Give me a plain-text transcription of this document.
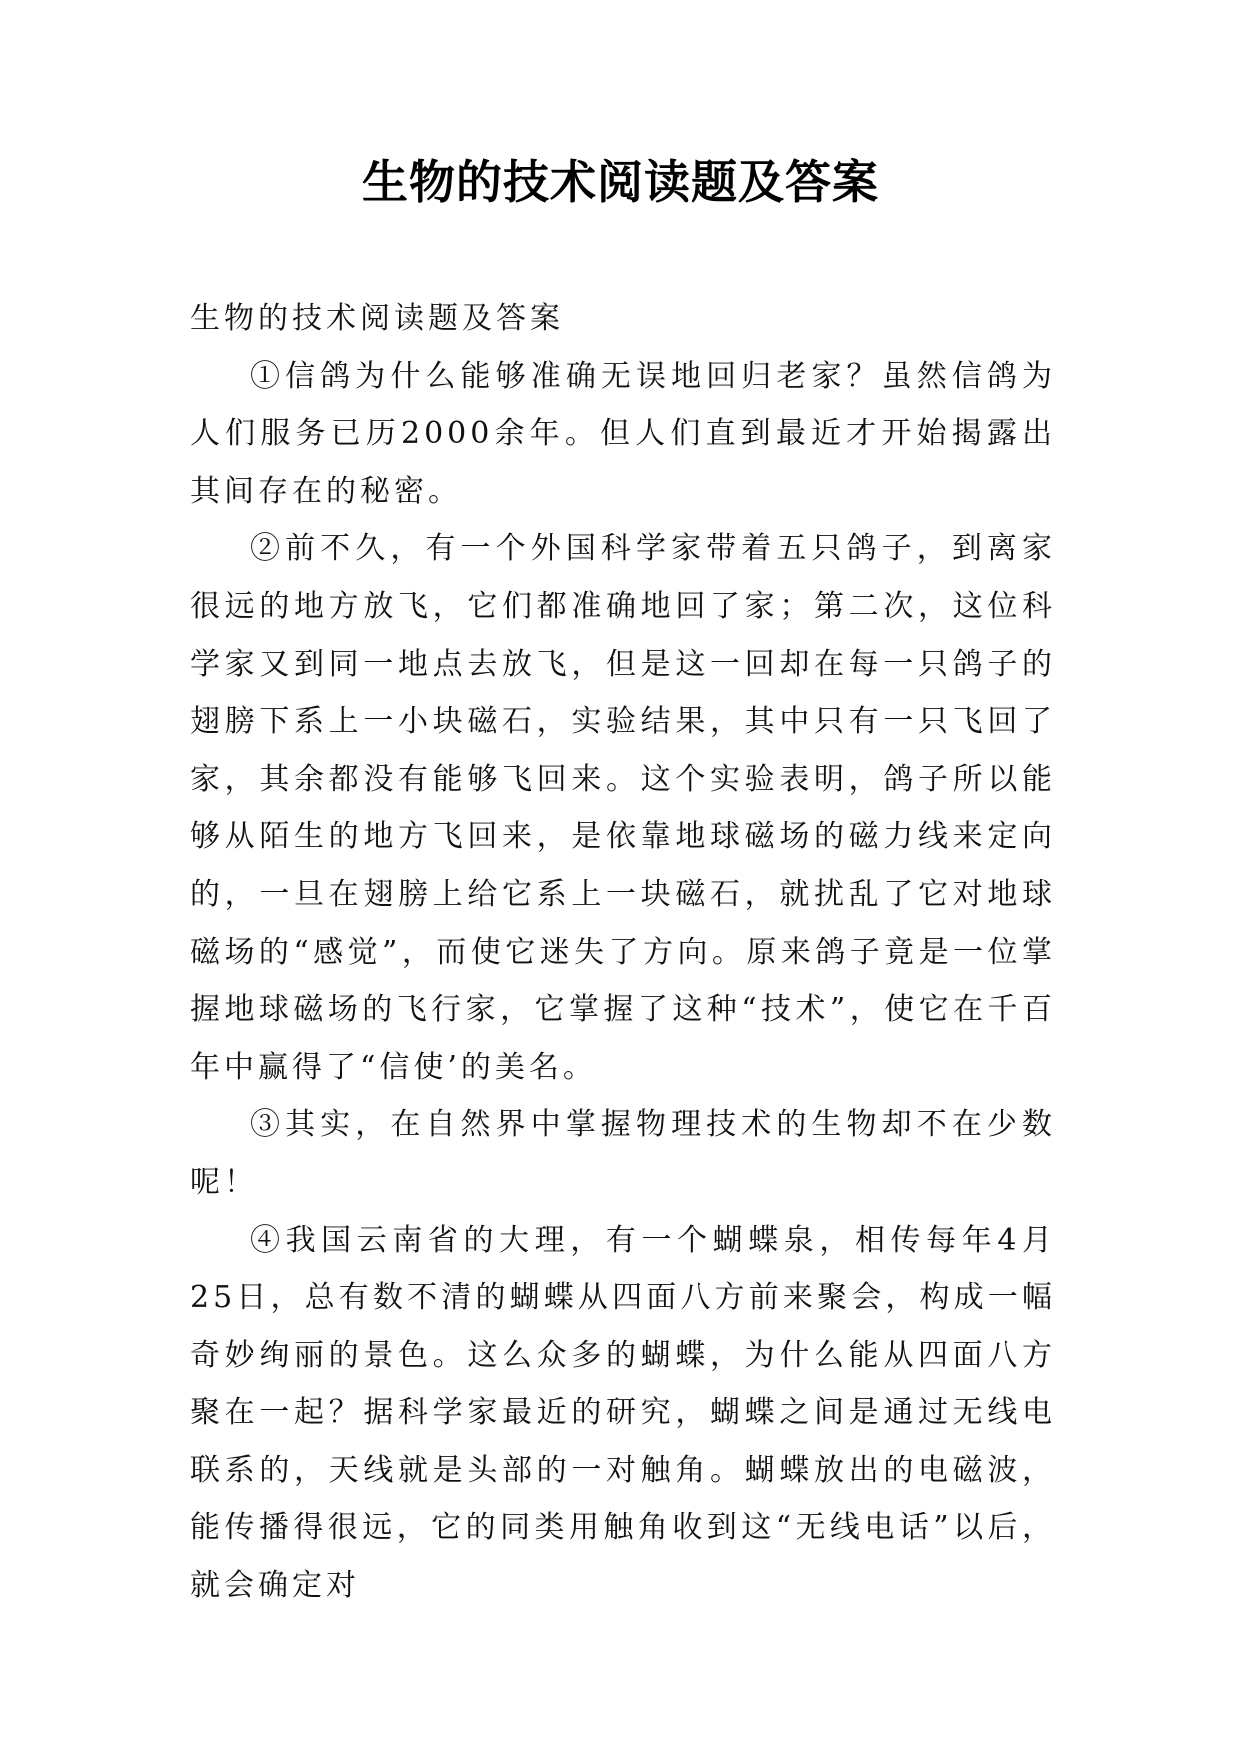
生物的技术阅读题及答案

生物的技术阅读题及答案

①信鸽为什么能够准确无误地回归老家？虽然信鸽为人们服务已历2000余年。但人们直到最近才开始揭露出其间存在的秘密。

②前不久，有一个外国科学家带着五只鸽子，到离家很远的地方放飞，它们都准确地回了家；第二次，这位科学家又到同一地点去放飞，但是这一回却在每一只鸽子的翅膀下系上一小块磁石，实验结果，其中只有一只飞回了家，其余都没有能够飞回来。这个实验表明，鸽子所以能够从陌生的地方飞回来，是依靠地球磁场的磁力线来定向的，一旦在翅膀上给它系上一块磁石，就扰乱了它对地球磁场的“感觉”，而使它迷失了方向。原来鸽子竟是一位掌握地球磁场的飞行家，它掌握了这种“技术”，使它在千百年中赢得了“信使’的美名。

③其实，在自然界中掌握物理技术的生物却不在少数呢！

④我国云南省的大理，有一个蝴蝶泉，相传每年4月25日，总有数不清的蝴蝶从四面八方前来聚会，构成一幅奇妙绚丽的景色。这么众多的蝴蝶，为什么能从四面八方聚在一起？据科学家最近的研究，蝴蝶之间是通过无线电联系的，天线就是头部的一对触角。蝴蝶放出的电磁波，能传播得很远，它的同类用触角收到这“无线电话”以后，就会确定对
